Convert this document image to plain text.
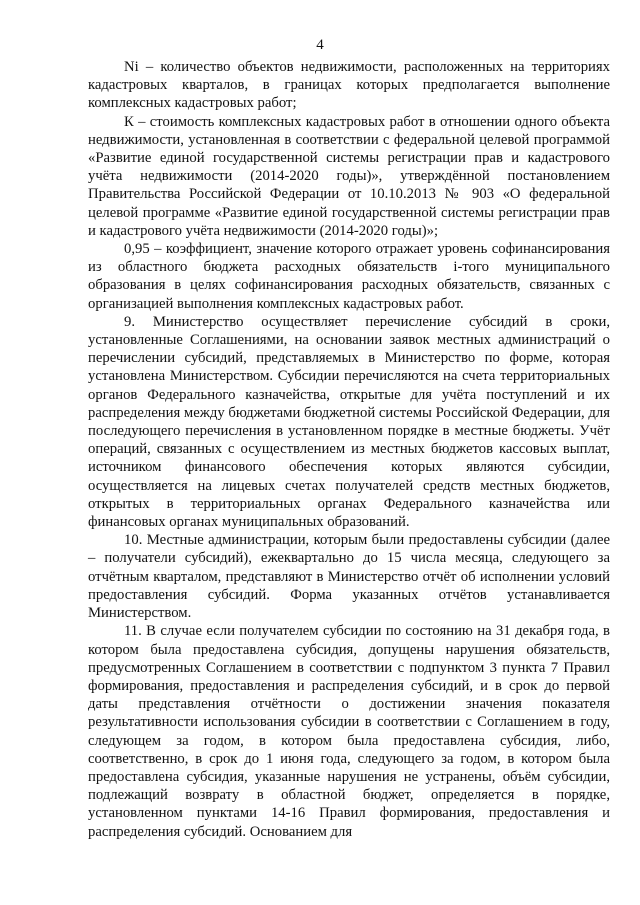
4

Ni – количество объектов недвижимости, расположенных на территориях кадастровых кварталов, в границах которых предполагается выполнение комплексных кадастровых работ;

К – стоимость комплексных кадастровых работ в отношении одного объекта недвижимости, установленная в соответствии с федеральной целевой программой «Развитие единой государственной системы регистрации прав и кадастрового учёта недвижимости (2014-2020 годы)», утверждённой постановлением Правительства Российской Федерации от 10.10.2013 № 903 «О федеральной целевой программе «Развитие единой государственной системы регистрации прав и кадастрового учёта недвижимости (2014-2020 годы)»;

0,95 – коэффициент, значение которого отражает уровень софинансирования из областного бюджета расходных обязательств i-того муниципального образования в целях софинансирования расходных обязательств, связанных с организацией выполнения комплексных кадастровых работ.

9. Министерство осуществляет перечисление субсидий в сроки, установленные Соглашениями, на основании заявок местных администраций о перечислении субсидий, представляемых в Министерство по форме, которая установлена Министерством. Субсидии перечисляются на счета территориальных органов Федерального казначейства, открытые для учёта поступлений и их распределения между бюджетами бюджетной системы Российской Федерации, для последующего перечисления в установленном порядке в местные бюджеты. Учёт операций, связанных с осуществлением из местных бюджетов кассовых выплат, источником финансового обеспечения которых являются субсидии, осуществляется на лицевых счетах получателей средств местных бюджетов, открытых в территориальных органах Федерального казначейства или финансовых органах муниципальных образований.

10. Местные администрации, которым были предоставлены субсидии (далее – получатели субсидий), ежеквартально до 15 числа месяца, следующего за отчётным кварталом, представляют в Министерство отчёт об исполнении условий предоставления субсидий. Форма указанных отчётов устанавливается Министерством.

11. В случае если получателем субсидии по состоянию на 31 декабря года, в котором была предоставлена субсидия, допущены нарушения обязательств, предусмотренных Соглашением в соответствии с подпунктом 3 пункта 7 Правил формирования, предоставления и распределения субсидий, и в срок до первой даты представления отчётности о достижении значения показателя результативности использования субсидии в соответствии с Соглашением в году, следующем за годом, в котором была предоставлена субсидия, либо, соответственно, в срок до 1 июня года, следующего за годом, в котором была предоставлена субсидия, указанные нарушения не устранены, объём субсидии, подлежащий возврату в областной бюджет, определяется в порядке, установленном пунктами 14-16 Правил формирования, предоставления и распределения субсидий. Основанием для
